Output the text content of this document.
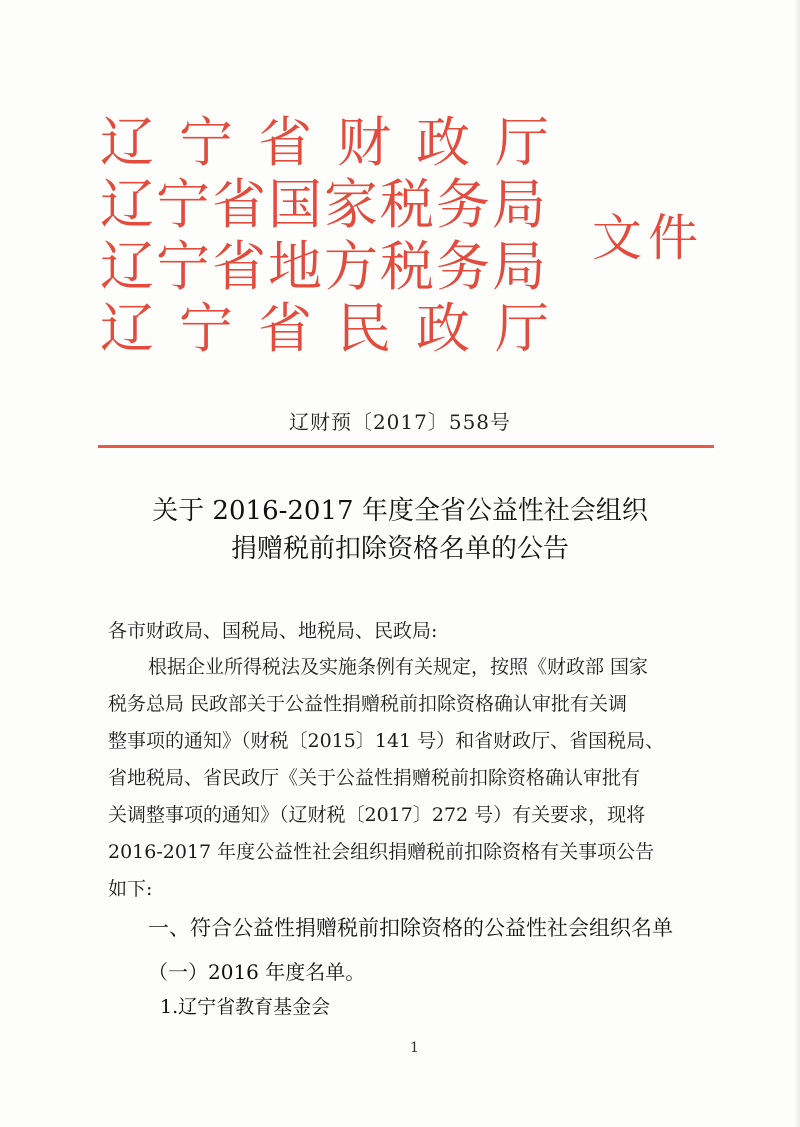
辽宁省财政厅
辽宁省国家税务局
辽宁省地方税务局
辽宁省民政厅
文件
辽财预〔2017〕558号
关于 2016-2017 年度全省公益性社会组织
捐赠税前扣除资格名单的公告
各市财政局、国税局、地税局、民政局:
根据企业所得税法及实施条例有关规定，按照《财政部 国家
税务总局 民政部关于公益性捐赠税前扣除资格确认审批有关调
整事项的通知》（财税〔2015〕141 号）和省财政厅、省国税局、
省地税局、省民政厅《关于公益性捐赠税前扣除资格确认审批有
关调整事项的通知》（辽财税〔2017〕272 号）有关要求，现将
2016-2017 年度公益性社会组织捐赠税前扣除资格有关事项公告
如下:
一、符合公益性捐赠税前扣除资格的公益性社会组织名单
（一）2016 年度名单。
1.辽宁省教育基金会
1
